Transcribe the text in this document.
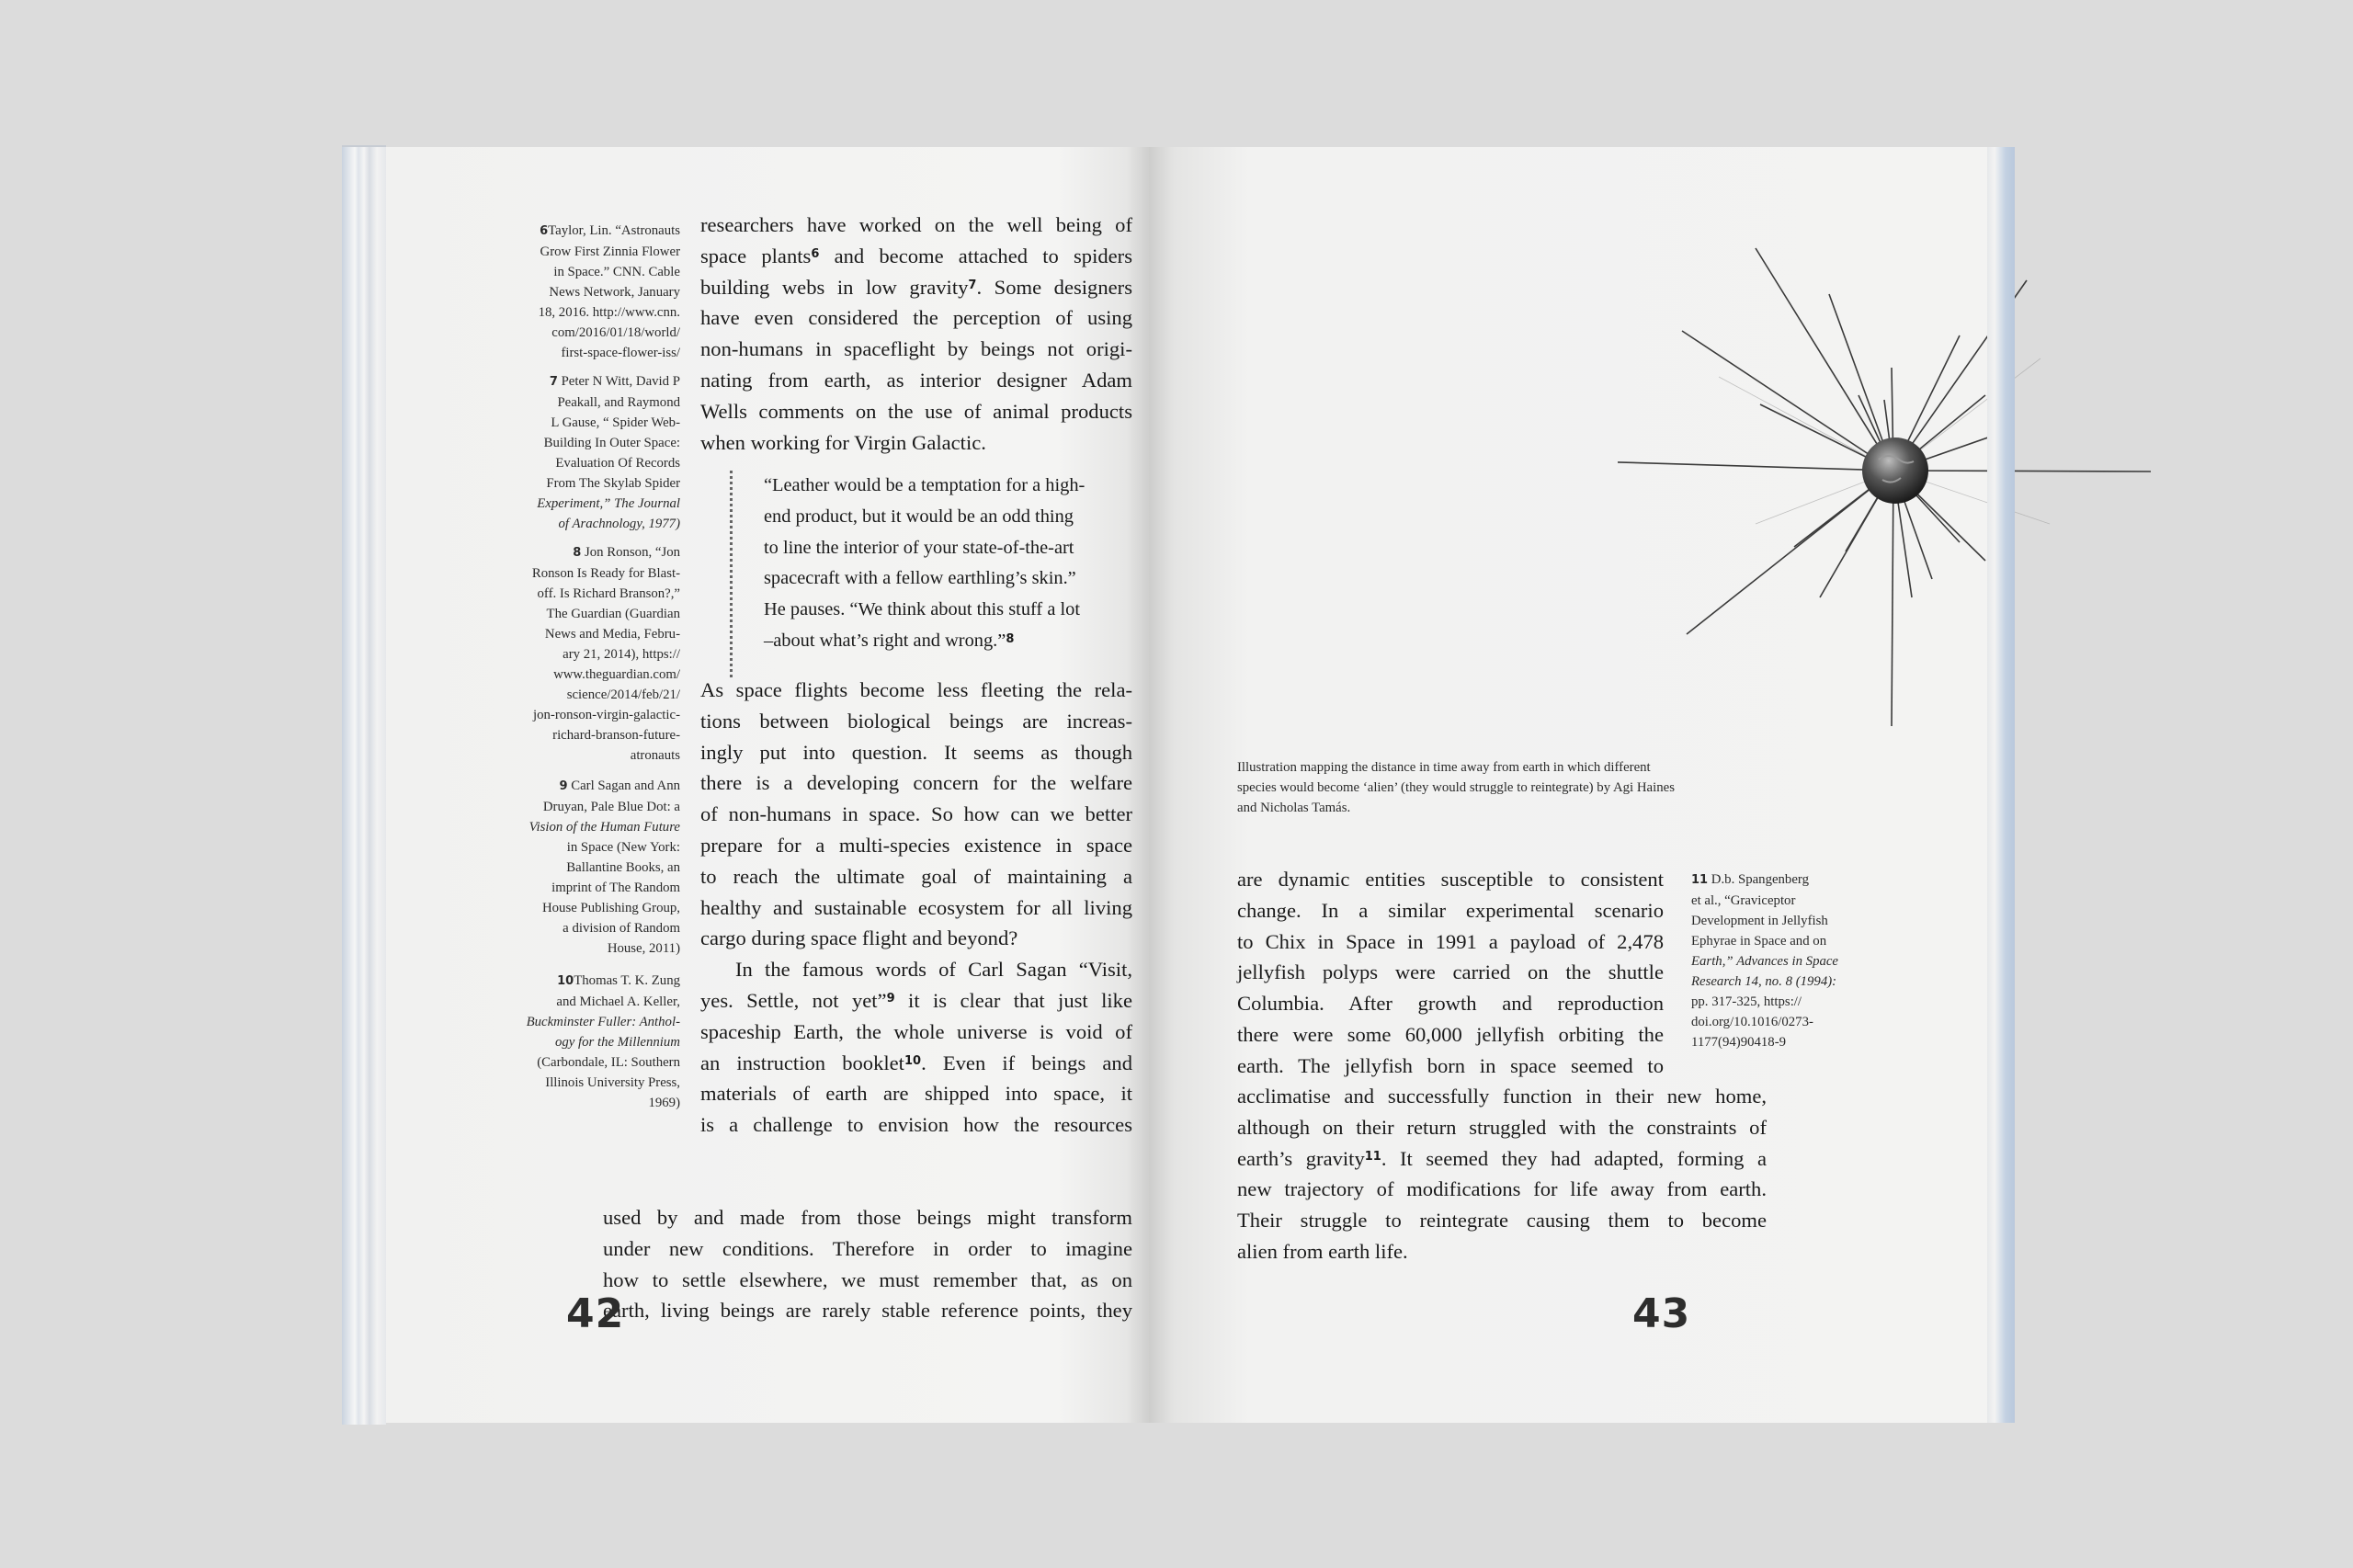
6Taylor, Lin. “Astronauts
Grow First Zinnia Flower
in Space.” CNN. Cable
News Network, January
18, 2016. http://www.cnn.
com/2016/01/18/world/
first-space-flower-iss/
7 Peter N Witt, David P
Peakall, and Raymond
L Gause, “ Spider Web-
Building In Outer Space:
Evaluation Of Records
From The Skylab Spider
Experiment,” The Journal
of Arachnology, 1977)
8 Jon Ronson, “Jon
Ronson Is Ready for Blast-
off. Is Richard Branson?,”
The Guardian (Guardian
News and Media, Febru-
ary 21, 2014), https://
www.theguardian.com/
science/2014/feb/21/
jon-ronson-virgin-galactic-
richard-branson-future-
atronauts
9 Carl Sagan and Ann
Druyan, Pale Blue Dot: a
Vision of the Human Future
in Space (New York:
Ballantine Books, an
imprint of The Random
House Publishing Group,
a division of Random
House, 2011)
10Thomas T. K. Zung
and Michael A. Keller,
Buckminster Fuller: Anthol-
ogy for the Millennium
(Carbondale, IL: Southern
Illinois University Press,
1969)
researchers have worked on the well being of
space plants$^6$ and become attached to spiders
building webs in low gravity$^7$. Some designers
have even considered the perception of using
non-humans in spaceflight by beings not origi-
nating from earth, as interior designer Adam
Wells comments on the use of animal products
when working for Virgin Galactic.
“Leather would be a temptation for a high-
end product, but it would be an odd thing
to line the interior of your state-of-the-art
spacecraft with a fellow earthling’s skin.”
He pauses. “We think about this stuff a lot
–about what’s right and wrong.”$^8$
As space flights become less fleeting the rela-
tions between biological beings are increas-
ingly put into question. It seems as though
there is a developing concern for the welfare
of non-humans in space. So how can we better
prepare for a multi-species existence in space
to reach the ultimate goal of maintaining a
healthy and sustainable ecosystem for all living
cargo during space flight and beyond?
In the famous words of Carl Sagan “Visit,
yes. Settle, not yet”$^9$ it is clear that just like
spaceship Earth, the whole universe is void of
an instruction booklet$^{10}$. Even if beings and
materials of earth are shipped into space, it
is a challenge to envision how the resources
used by and made from those beings might transform
under new conditions. Therefore in order to imagine
how to settle elsewhere, we must remember that, as on
earth, living beings are rarely stable reference points, they
42
Illustration mapping the distance in time away from earth in which different
species would become ‘alien’ (they would struggle to reintegrate) by Agi Haines
and Nicholas Tamás.
are dynamic entities susceptible to consistent
change. In a similar experimental scenario
to Chix in Space in 1991 a payload of 2,478
jellyfish polyps were carried on the shuttle
Columbia. After growth and reproduction
there were some 60,000 jellyfish orbiting the
earth. The jellyfish born in space seemed to
11 D.b. Spangenberg
et al., “Graviceptor
Development in Jellyfish
Ephyrae in Space and on
Earth,” Advances in Space
Research 14, no. 8 (1994):
pp. 317-325, https://
doi.org/10.1016/0273-
1177(94)90418-9
acclimatise and successfully function in their new home,
although on their return struggled with the constraints of
earth’s gravity$^{11}$. It seemed they had adapted, forming a
new trajectory of modifications for life away from earth.
Their struggle to reintegrate causing them to become
alien from earth life.
43
